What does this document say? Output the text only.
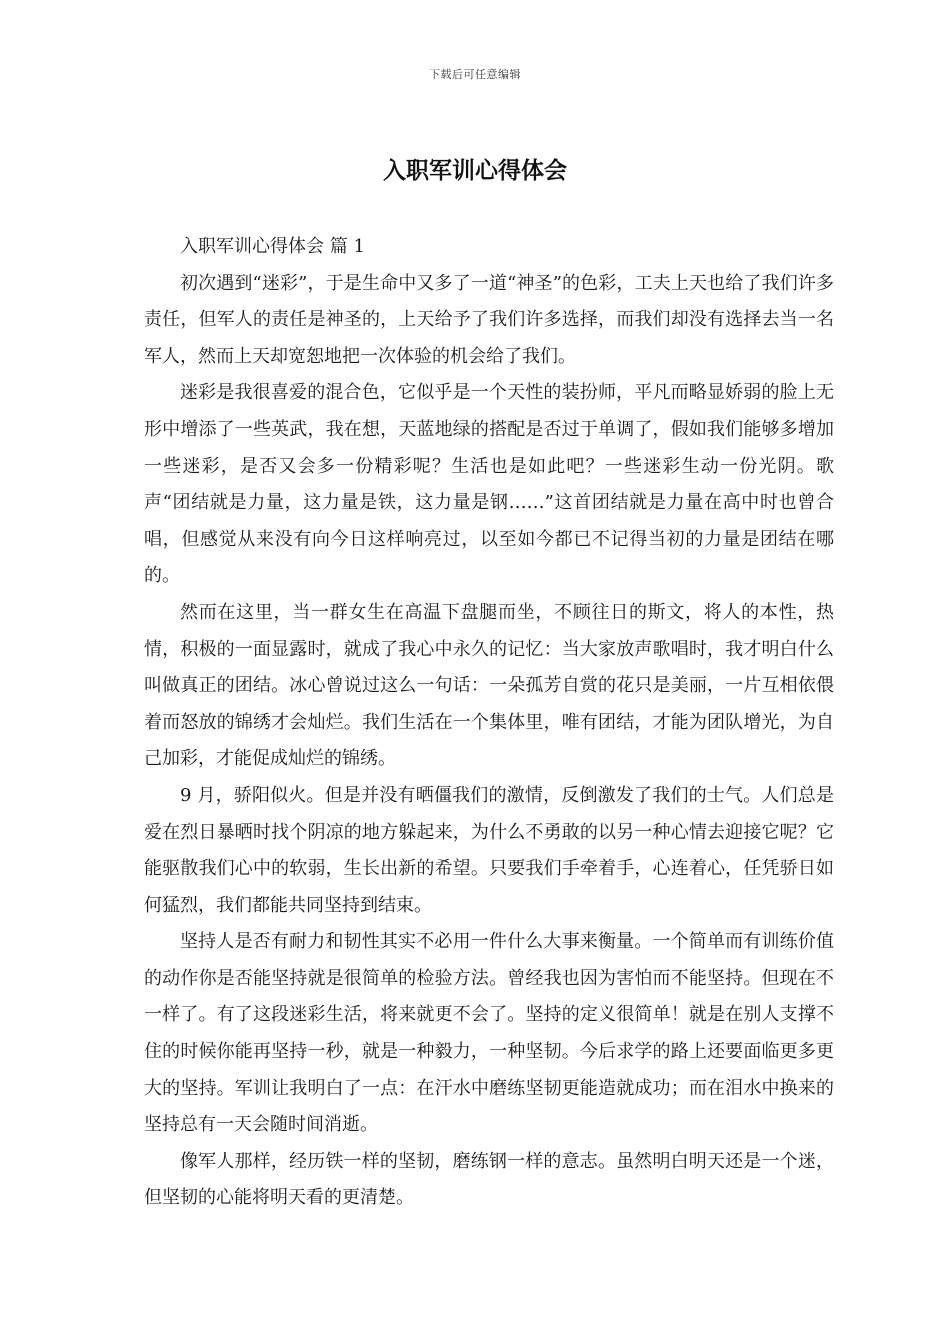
下载后可任意编辑
入职军训心得体会

入职军训心得体会 篇 1

初次遇到“迷彩”，于是生命中又多了一道“神圣”的色彩，工夫上天也给了我们许多责任，但军人的责任是神圣的，上天给予了我们许多选择，而我们却没有选择去当一名军人，然而上天却宽恕地把一次体验的机会给了我们。

迷彩是我很喜爱的混合色，它似乎是一个天性的装扮师，平凡而略显娇弱的脸上无形中增添了一些英武，我在想，天蓝地绿的搭配是否过于单调了，假如我们能够多增加一些迷彩，是否又会多一份精彩呢？生活也是如此吧？一些迷彩生动一份光阴。歌声“团结就是力量，这力量是铁，这力量是钢……”这首团结就是力量在高中时也曾合唱，但感觉从来没有向今日这样响亮过，以至如今都已不记得当初的力量是团结在哪的。

然而在这里，当一群女生在高温下盘腿而坐，不顾往日的斯文，将人的本性，热情，积极的一面显露时，就成了我心中永久的记忆：当大家放声歌唱时，我才明白什么叫做真正的团结。冰心曾说过这么一句话：一朵孤芳自赏的花只是美丽，一片互相依偎着而怒放的锦绣才会灿烂。我们生活在一个集体里，唯有团结，才能为团队增光，为自己加彩，才能促成灿烂的锦绣。

9 月，骄阳似火。但是并没有晒僵我们的激情，反倒激发了我们的士气。人们总是爱在烈日暴晒时找个阴凉的地方躲起来，为什么不勇敢的以另一种心情去迎接它呢？它能驱散我们心中的软弱，生长出新的希望。只要我们手牵着手，心连着心，任凭骄日如何猛烈，我们都能共同坚持到结束。

坚持人是否有耐力和韧性其实不必用一件什么大事来衡量。一个简单而有训练价值的动作你是否能坚持就是很简单的检验方法。曾经我也因为害怕而不能坚持。但现在不一样了。有了这段迷彩生活，将来就更不会了。坚持的定义很简单！就是在别人支撑不住的时候你能再坚持一秒，就是一种毅力，一种坚韧。今后求学的路上还要面临更多更大的坚持。军训让我明白了一点：在汗水中磨练坚韧更能造就成功；而在泪水中换来的坚持总有一天会随时间消逝。

像军人那样，经历铁一样的坚韧，磨练钢一样的意志。虽然明白明天还是一个迷，但坚韧的心能将明天看的更清楚。
